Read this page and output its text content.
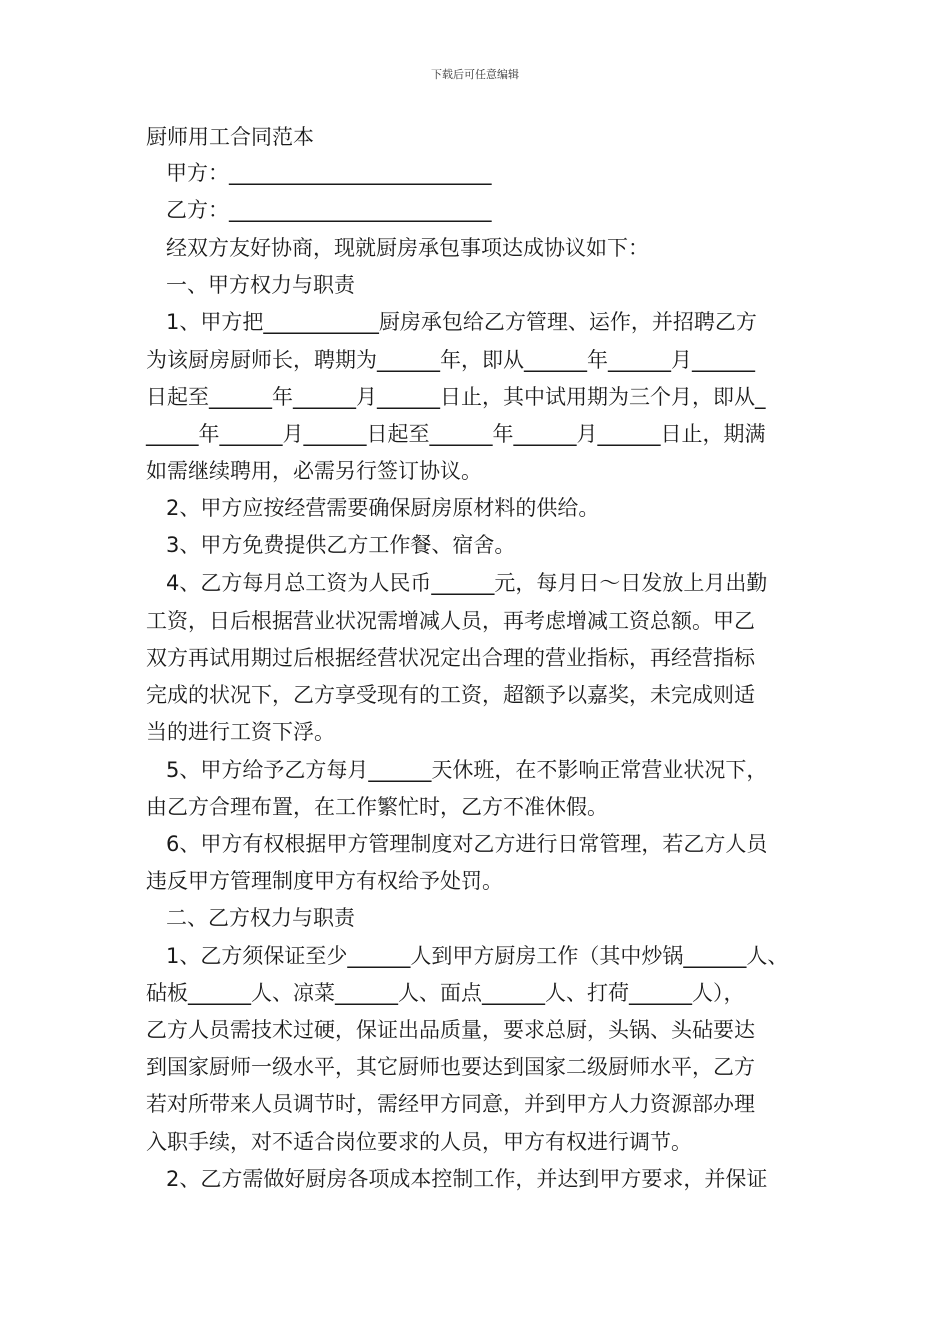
下载后可任意编辑
厨师用工合同范本
甲方：_________________________
乙方：_________________________
经双方友好协商，现就厨房承包事项达成协议如下：
一、甲方权力与职责
1、甲方把___________厨房承包给乙方管理、运作，并招聘乙方
为该厨房厨师长，聘期为______年，即从______年______月______
日起至______年______月______日止，其中试用期为三个月，即从_
_____年______月______日起至______年______月______日止，期满
如需继续聘用，必需另行签订协议。
2、甲方应按经营需要确保厨房原材料的供给。
3、甲方免费提供乙方工作餐、宿舍。
4、乙方每月总工资为人民币______元，每月日～日发放上月出勤
工资，日后根据营业状况需增减人员，再考虑增减工资总额。甲乙
双方再试用期过后根据经营状况定出合理的营业指标，再经营指标
完成的状况下，乙方享受现有的工资，超额予以嘉奖，未完成则适
当的进行工资下浮。
5、甲方给予乙方每月______天休班，在不影响正常营业状况下，
由乙方合理布置，在工作繁忙时，乙方不准休假。
6、甲方有权根据甲方管理制度对乙方进行日常管理，若乙方人员
违反甲方管理制度甲方有权给予处罚。
二、乙方权力与职责
1、乙方须保证至少______人到甲方厨房工作（其中炒锅______人、
砧板______人、凉菜______人、面点______人、打荷______人），
乙方人员需技术过硬，保证出品质量，要求总厨，头锅、头砧要达
到国家厨师一级水平，其它厨师也要达到国家二级厨师水平，乙方
若对所带来人员调节时，需经甲方同意，并到甲方人力资源部办理
入职手续，对不适合岗位要求的人员，甲方有权进行调节。
2、乙方需做好厨房各项成本控制工作，并达到甲方要求，并保证
